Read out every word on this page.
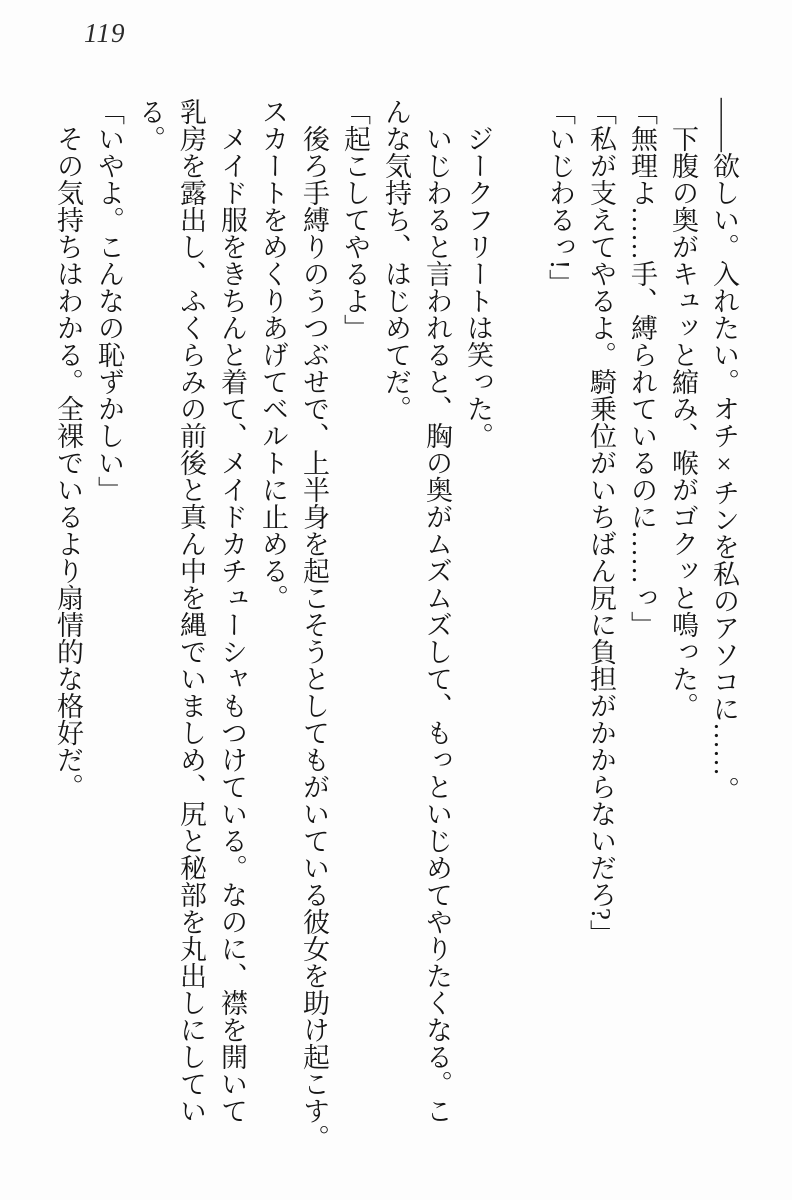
119
――欲しい。入れたい。オチ×チンを私のアソコに……。
下腹の奥がキュッと縮み、喉がゴクッと鳴った。
「無理よ……手、縛られているのに……っ」
「私が支えてやるよ。騎乗位がいちばん尻に負担がかからないだろ?」
「いじわるっ!」
ジークフリートは笑った。
いじわると言われると、胸の奥がムズムズして、もっといじめてやりたくなる。こ
んな気持ち、はじめてだ。
「起こしてやるよ」
後ろ手縛りのうつぶせで、上半身を起こそうとしてもがいている彼女を助け起こす。
スカートをめくりあげてベルトに止める。
メイド服をきちんと着て、メイドカチューシャもつけている。なのに、襟を開いて
乳房を露出し、ふくらみの前後と真ん中を縄でいましめ、尻と秘部を丸出しにしてい
る。
「いやよ。こんなの恥ずかしい」
その気持ちはわかる。全裸でいるより扇情的な格好だ。
